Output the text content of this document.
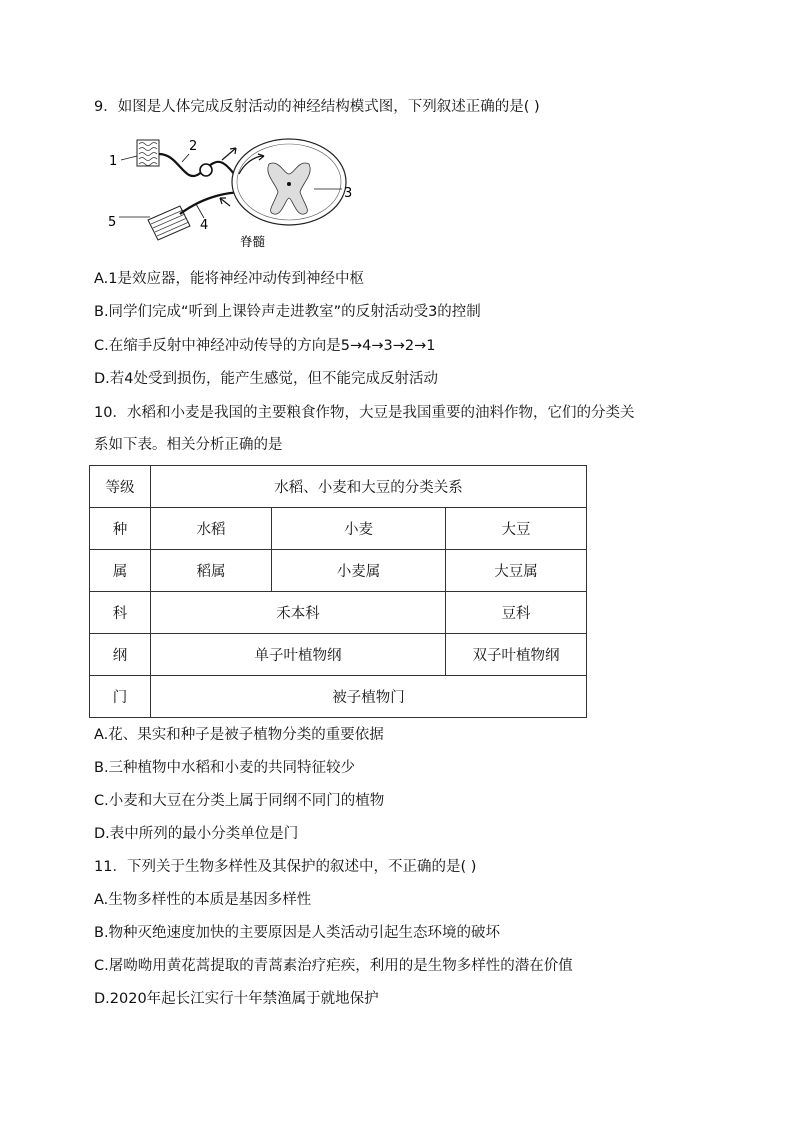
9．如图是人体完成反射活动的神经结构模式图，下列叙述正确的是( )
1
2
3
4
5
脊髓
A.1是效应器，能将神经冲动传到神经中枢
B.同学们完成“听到上课铃声走进教室”的反射活动受3的控制
C.在缩手反射中神经冲动传导的方向是5→4→3→2→1
D.若4处受到损伤，能产生感觉，但不能完成反射活动
10．水稻和小麦是我国的主要粮食作物，大豆是我国重要的油料作物，它们的分类关
系如下表。相关分析正确的是
等级	水稻、小麦和大豆的分类关系		
种	水稻	小麦	大豆
属	稻属	小麦属	大豆属
科	禾本科		豆科
纲	单子叶植物纲		双子叶植物纲
门	被子植物门		
A.花、果实和种子是被子植物分类的重要依据
B.三种植物中水稻和小麦的共同特征较少
C.小麦和大豆在分类上属于同纲不同门的植物
D.表中所列的最小分类单位是门
11．下列关于生物多样性及其保护的叙述中，不正确的是( )
A.生物多样性的本质是基因多样性
B.物种灭绝速度加快的主要原因是人类活动引起生态环境的破坏
C.屠呦呦用黄花蒿提取的青蒿素治疗疟疾，利用的是生物多样性的潜在价值
D.2020年起长江实行十年禁渔属于就地保护
